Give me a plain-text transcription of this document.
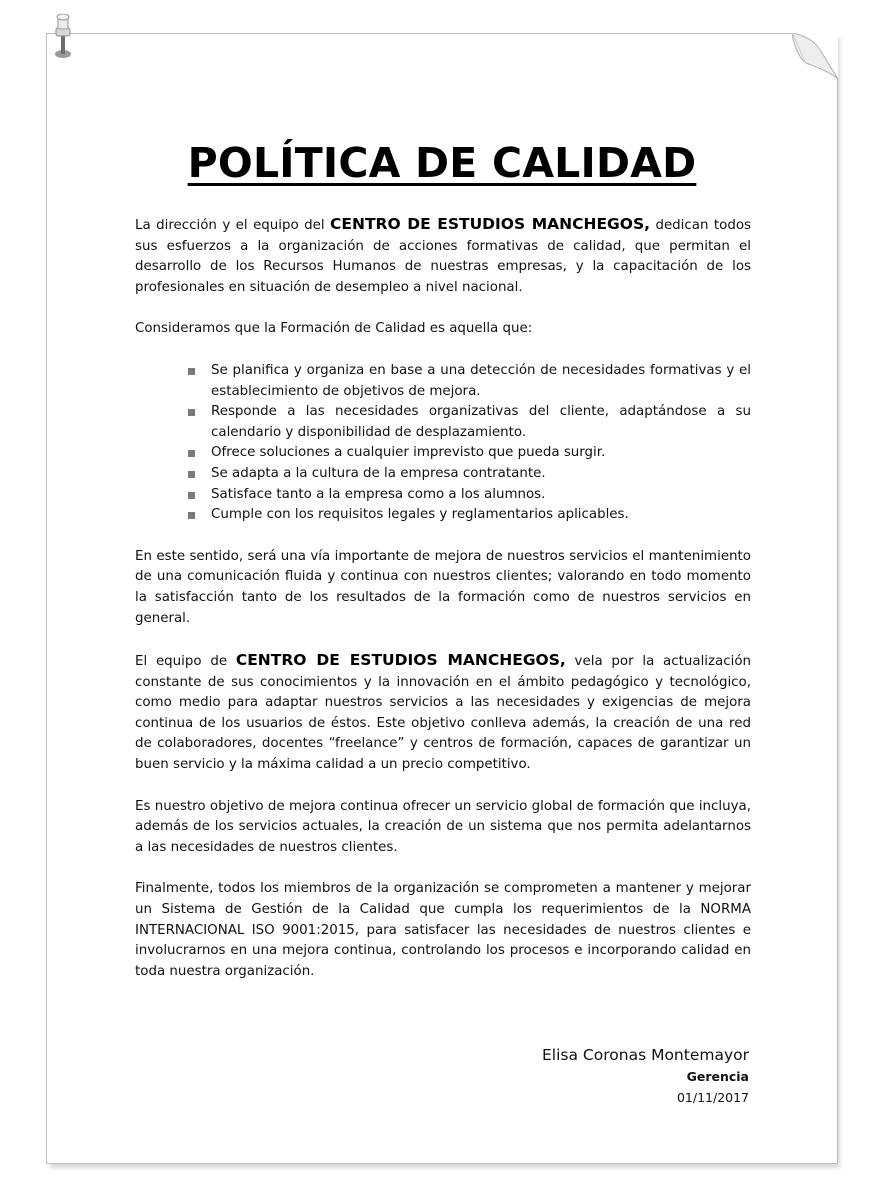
POLÍTICA DE CALIDAD

La dirección y el equipo del CENTRO DE ESTUDIOS MANCHEGOS, dedican todos sus esfuerzos a la organización de acciones formativas de calidad, que permitan el desarrollo de los Recursos Humanos de nuestras empresas, y la capacitación de los profesionales en situación de desempleo a nivel nacional.

Consideramos que la Formación de Calidad es aquella que:

Se planifica y organiza en base a una detección de necesidades formativas y el establecimiento de objetivos de mejora.
Responde a las necesidades organizativas del cliente, adaptándose a su calendario y disponibilidad de desplazamiento.
Ofrece soluciones a cualquier imprevisto que pueda surgir.
Se adapta a la cultura de la empresa contratante.
Satisface tanto a la empresa como a los alumnos.
Cumple con los requisitos legales y reglamentarios aplicables.

En este sentido, será una vía importante de mejora de nuestros servicios el mantenimiento de una comunicación fluida y continua con nuestros clientes; valorando en todo momento la satisfacción tanto de los resultados de la formación como de nuestros servicios en general.

El equipo de CENTRO DE ESTUDIOS MANCHEGOS, vela por la actualización constante de sus conocimientos y la innovación en el ámbito pedagógico y tecnológico, como medio para adaptar nuestros servicios a las necesidades y exigencias de mejora continua de los usuarios de éstos. Este objetivo conlleva además, la creación de una red de colaboradores, docentes “freelance” y centros de formación, capaces de garantizar un buen servicio y la máxima calidad a un precio competitivo.

Es nuestro objetivo de mejora continua ofrecer un servicio global de formación que incluya, además de los servicios actuales, la creación de un sistema que nos permita adelantarnos a las necesidades de nuestros clientes.

Finalmente, todos los miembros de la organización se comprometen a mantener y mejorar un Sistema de Gestión de la Calidad que cumpla los requerimientos de la NORMA INTERNACIONAL ISO 9001:2015, para satisfacer las necesidades de nuestros clientes e involucrarnos en una mejora continua, controlando los procesos e incorporando calidad en toda nuestra organización.

Elisa Coronas Montemayor
Gerencia
01/11/2017
